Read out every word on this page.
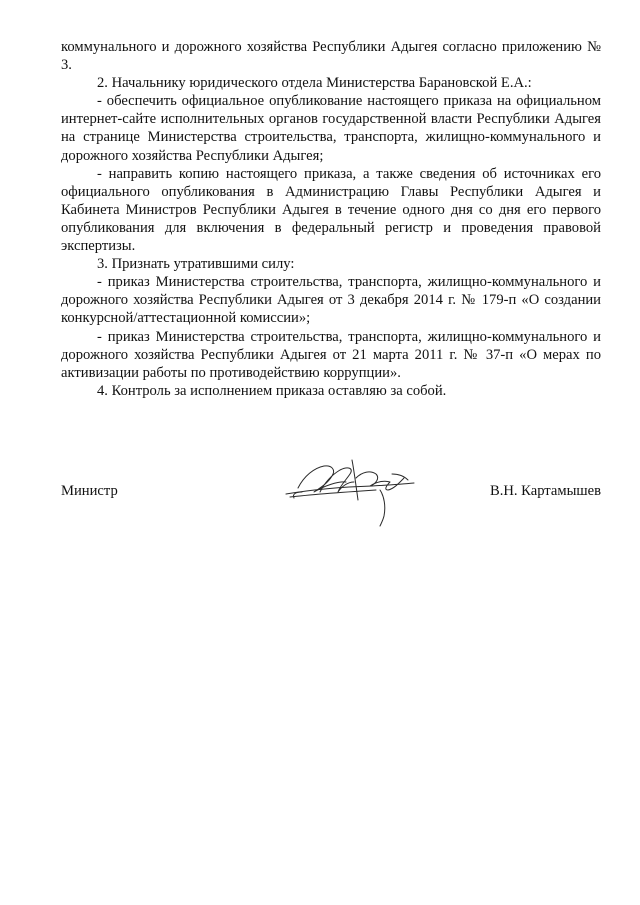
коммунального и дорожного хозяйства Республики Адыгея согласно приложению № 3.

2. Начальнику юридического отдела Министерства Барановской Е.А.:

- обеспечить официальное опубликование настоящего приказа на официальном интернет-сайте исполнительных органов государственной власти Республики Адыгея на странице Министерства строительства, транспорта, жилищно-коммунального и дорожного хозяйства Республики Адыгея;

- направить копию настоящего приказа, а также сведения об источниках его официального опубликования в Администрацию Главы Республики Адыгея и Кабинета Министров Республики Адыгея в течение одного дня со дня его первого опубликования для включения в федеральный регистр и проведения правовой экспертизы.

3. Признать утратившими силу:

- приказ Министерства строительства, транспорта, жилищно-коммунального и дорожного хозяйства Республики Адыгея от 3 декабря 2014 г. № 179-п «О создании конкурсной/аттестационной комиссии»;

- приказ Министерства строительства, транспорта, жилищно-коммунального и дорожного хозяйства Республики Адыгея от 21 марта 2011 г. № 37-п «О мерах по активизации работы по противодействию коррупции».

4. Контроль за исполнением приказа оставляю за собой.

Министр	В.Н. Картамышев
